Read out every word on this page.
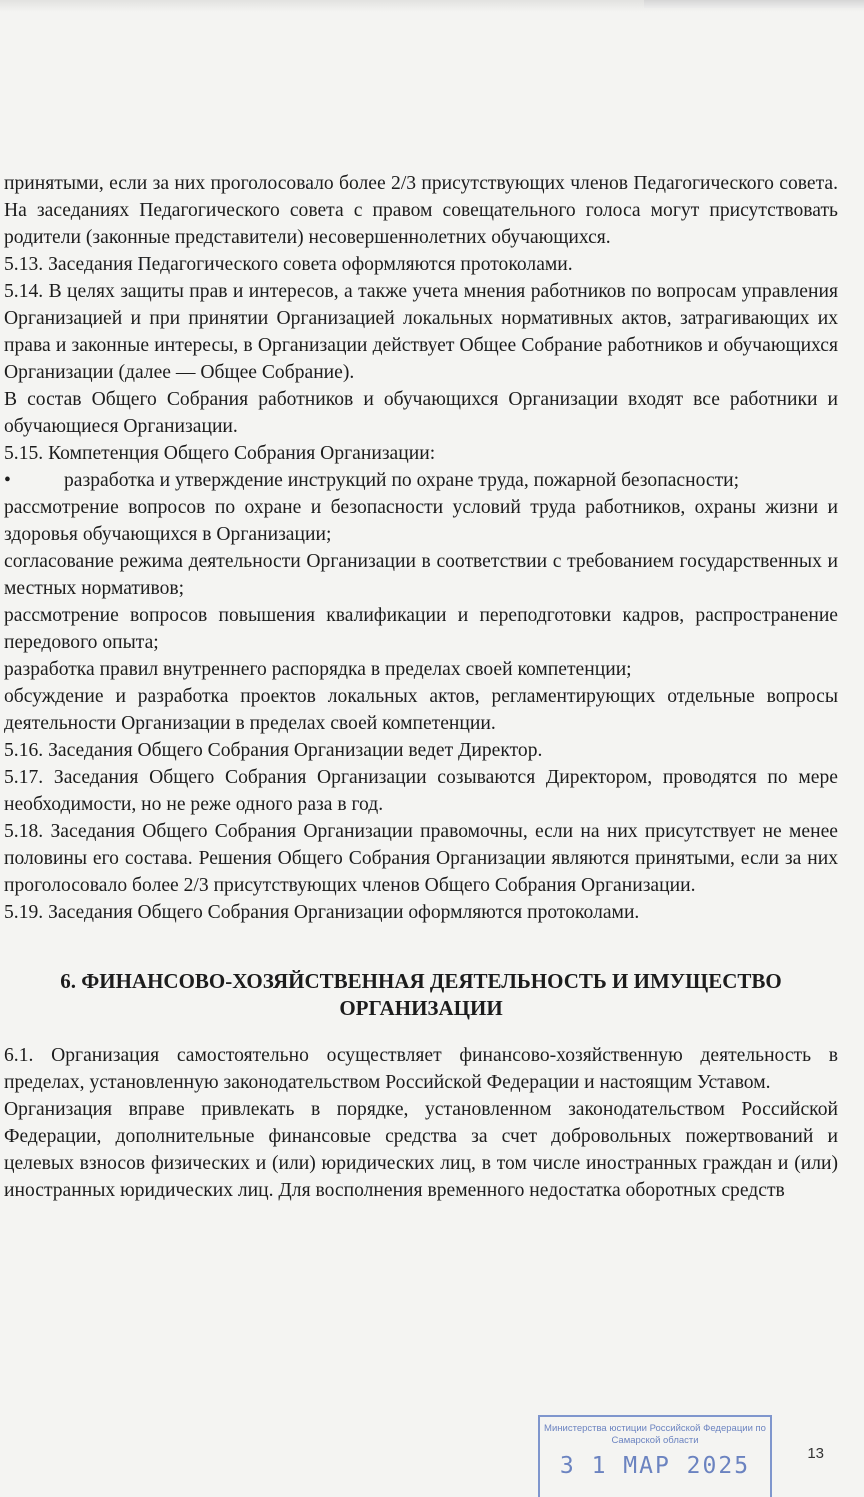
принятыми, если за них проголосовало более 2/3 присутствующих членов Педагогического совета. На заседаниях Педагогического совета с правом совещательного голоса могут присутствовать родители (законные представители) несовершеннолетних обучающихся.

5.13. Заседания Педагогического совета оформляются протоколами.

5.14. В целях защиты прав и интересов, а также учета мнения работников по вопросам управления Организацией и при принятии Организацией локальных нормативных актов, затрагивающих их права и законные интересы, в Организации действует Общее Собрание работников и обучающихся Организации (далее — Общее Собрание).

В состав Общего Собрания работников и обучающихся Организации входят все работники и обучающиеся Организации.

5.15. Компетенция Общего Собрания Организации:

•	разработка и утверждение инструкций по охране труда, пожарной безопасности;

рассмотрение вопросов по охране и безопасности условий труда работников, охраны жизни и здоровья обучающихся в Организации;

согласование режима деятельности Организации в соответствии с требованием государственных и местных нормативов;

рассмотрение вопросов повышения квалификации и переподготовки кадров, распространение передового опыта;

разработка правил внутреннего распорядка в пределах своей компетенции;

обсуждение и разработка проектов локальных актов, регламентирующих отдельные вопросы деятельности Организации в пределах своей компетенции.

5.16. Заседания Общего Собрания Организации ведет Директор.

5.17. Заседания Общего Собрания Организации созываются Директором, проводятся по мере необходимости, но не реже одного раза в год.

5.18. Заседания Общего Собрания Организации правомочны, если на них присутствует не менее половины его состава. Решения Общего Собрания Организации являются принятыми, если за них проголосовало более 2/3 присутствующих членов Общего Собрания Организации.

5.19. Заседания Общего Собрания Организации оформляются протоколами.

6. ФИНАНСОВО-ХОЗЯЙСТВЕННАЯ ДЕЯТЕЛЬНОСТЬ И ИМУЩЕСТВО
ОРГАНИЗАЦИИ

6.1. Организация самостоятельно осуществляет финансово-хозяйственную деятельность в пределах, установленную законодательством Российской Федерации и настоящим Уставом.

Организация вправе привлекать в порядке, установленном законодательством Российской Федерации, дополнительные финансовые средства за счет добровольных пожертвований и целевых взносов физических и (или) юридических лиц, в том числе иностранных граждан и (или) иностранных юридических лиц. Для восполнения временного недостатка оборотных средств

Министерства юстиции Российской Федерации по Самарской области
3 1 МАР 2025	13
